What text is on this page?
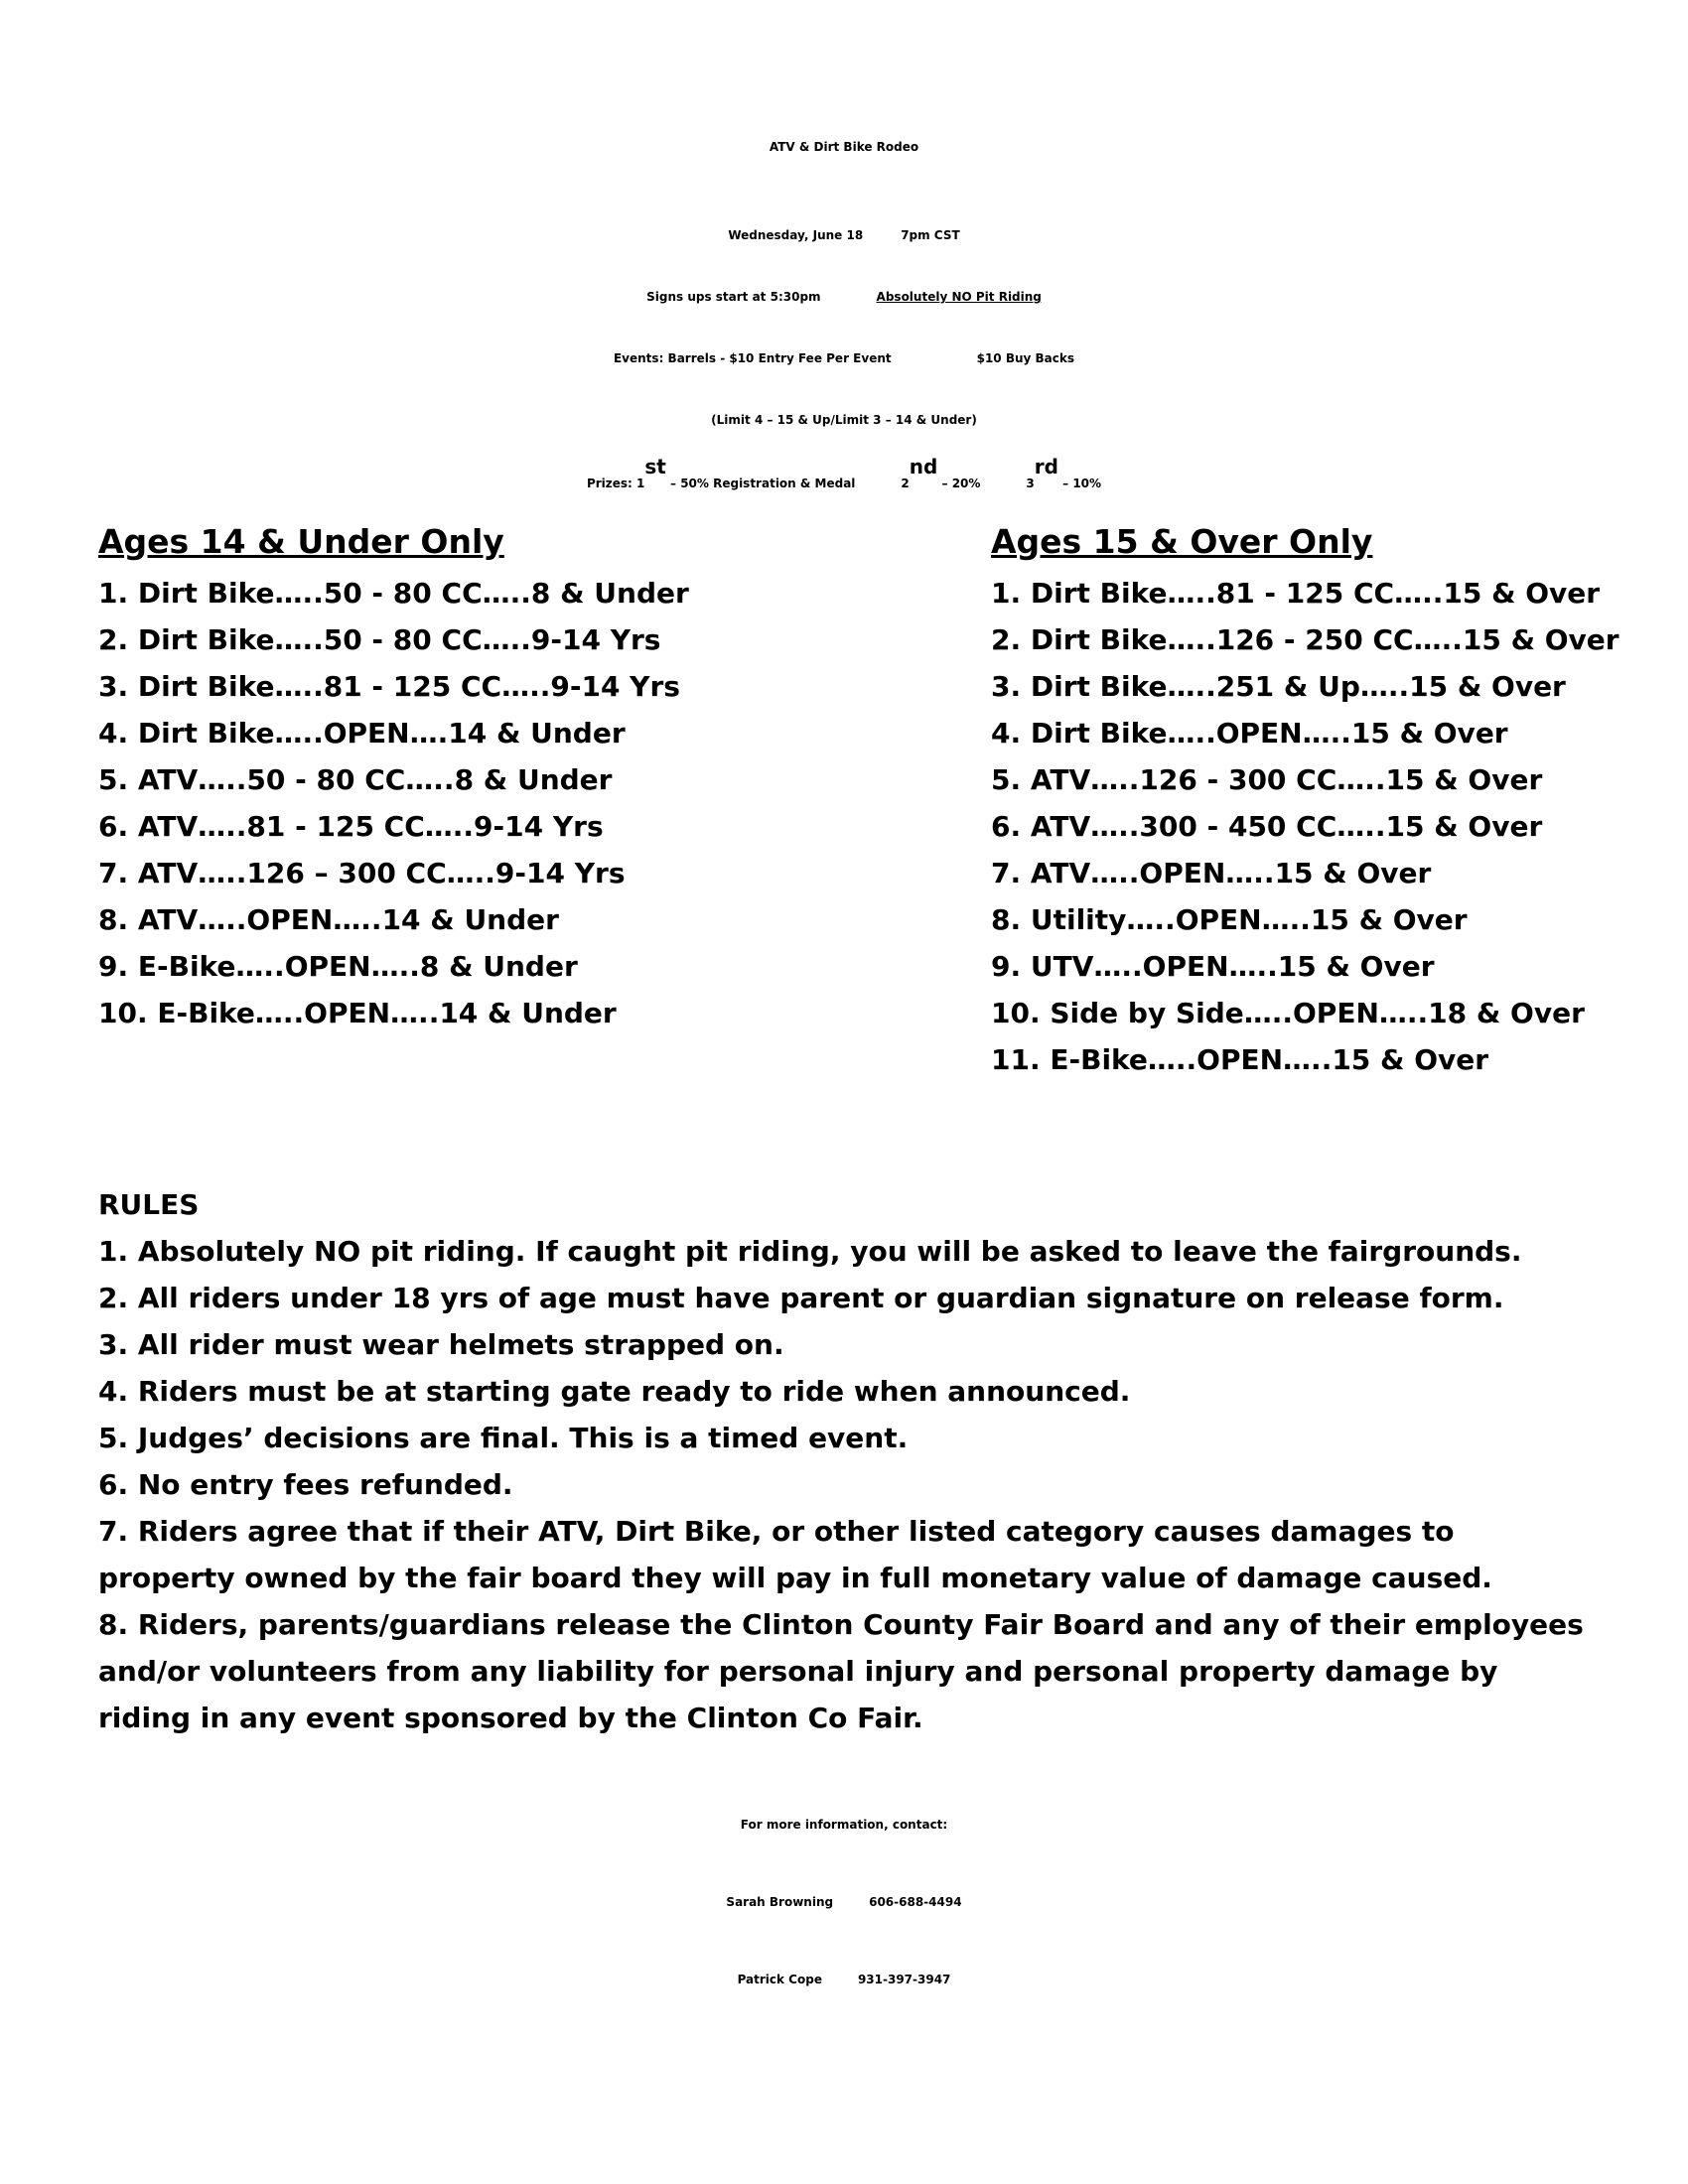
ATV & Dirt Bike Rodeo
Wednesday, June 18	7pm CST
Signs ups start at 5:30pm	Absolutely NO Pit Riding
Events: Barrels - $10 Entry Fee Per Event	$10 Buy Backs
(Limit 4 – 15 & Up/Limit 3 – 14 & Under)
Prizes: 1st – 50% Registration & Medal	2nd – 20%	3rd – 10%
Ages 14 & Under Only
1. Dirt Bike…..50 - 80 CC…..8 & Under
2. Dirt Bike…..50 - 80 CC…..9-14 Yrs
3. Dirt Bike…..81 - 125 CC…..9-14 Yrs
4. Dirt Bike…..OPEN….14 & Under
5. ATV…..50 - 80 CC…..8 & Under
6. ATV…..81 - 125 CC…..9-14 Yrs
7. ATV…..126 – 300 CC…..9-14 Yrs
8. ATV…..OPEN…..14 & Under
9. E-Bike…..OPEN…..8 & Under
10. E-Bike…..OPEN…..14 & Under
Ages 15 & Over Only
1. Dirt Bike…..81 - 125 CC…..15 & Over
2. Dirt Bike…..126 - 250 CC…..15 & Over
3. Dirt Bike…..251 & Up…..15 & Over
4. Dirt Bike…..OPEN…..15 & Over
5. ATV…..126 - 300 CC…..15 & Over
6. ATV…..300 - 450 CC…..15 & Over
7. ATV…..OPEN…..15 & Over
8. Utility…..OPEN…..15 & Over
9. UTV…..OPEN…..15 & Over
10. Side by Side…..OPEN…..18 & Over
11. E-Bike…..OPEN…..15 & Over
RULES
1. Absolutely NO pit riding. If caught pit riding, you will be asked to leave the fairgrounds.
2. All riders under 18 yrs of age must have parent or guardian signature on release form.
3. All rider must wear helmets strapped on.
4. Riders must be at starting gate ready to ride when announced.
5. Judges’ decisions are final. This is a timed event.
6. No entry fees refunded.
7. Riders agree that if their ATV, Dirt Bike, or other listed category causes damages to property owned by the fair board they will pay in full monetary value of damage caused.
8. Riders, parents/guardians release the Clinton County Fair Board and any of their employees and/or volunteers from any liability for personal injury and personal property damage by riding in any event sponsored by the Clinton Co Fair.
For more information, contact:
Sarah Browning	606-688-4494
Patrick Cope	931-397-3947
